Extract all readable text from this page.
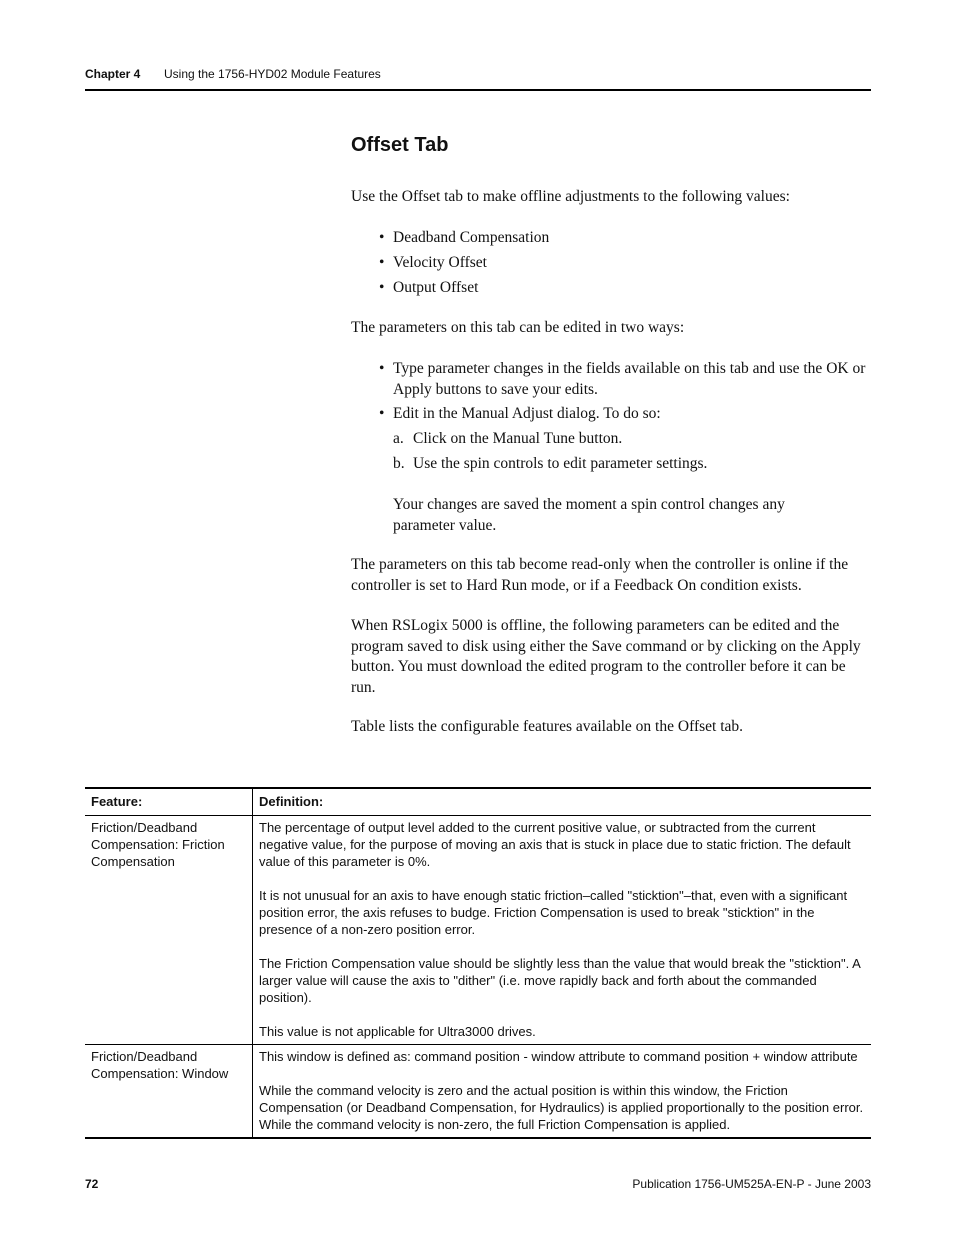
Chapter 4 Using the 1756-HYD02 Module Features
Offset Tab

Use the Offset tab to make offline adjustments to the following values:

• Deadband Compensation
• Velocity Offset
• Output Offset

The parameters on this tab can be edited in two ways:

• Type parameter changes in the fields available on this tab and use the OK or Apply buttons to save your edits.
• Edit in the Manual Adjust dialog. To do so:
a. Click on the Manual Tune button.
b. Use the spin controls to edit parameter settings.
Your changes are saved the moment a spin control changes any parameter value.

The parameters on this tab become read-only when the controller is online if the controller is set to Hard Run mode, or if a Feedback On condition exists.

When RSLogix 5000 is offline, the following parameters can be edited and the program saved to disk using either the Save command or by clicking on the Apply button. You must download the edited program to the controller before it can be run.

Table lists the configurable features available on the Offset tab.

Feature:	Definition:
Friction/Deadband Compensation: Friction Compensation	The percentage of output level added to the current positive value, or subtracted from the current negative value, for the purpose of moving an axis that is stuck in place due to static friction. The default value of this parameter is 0%.
It is not unusual for an axis to have enough static friction–called "sticktion"–that, even with a significant position error, the axis refuses to budge. Friction Compensation is used to break "sticktion" in the presence of a non-zero position error.
The Friction Compensation value should be slightly less than the value that would break the "sticktion". A larger value will cause the axis to "dither" (i.e. move rapidly back and forth about the commanded position).
This value is not applicable for Ultra3000 drives.

Friction/Deadband Compensation: Window	This window is defined as: command position - window attribute to command position + window attribute
While the command velocity is zero and the actual position is within this window, the Friction Compensation (or Deadband Compensation, for Hydraulics) is applied proportionally to the position error. While the command velocity is non-zero, the full Friction Compensation is applied.
72	Publication 1756-UM525A-EN-P - June 2003
